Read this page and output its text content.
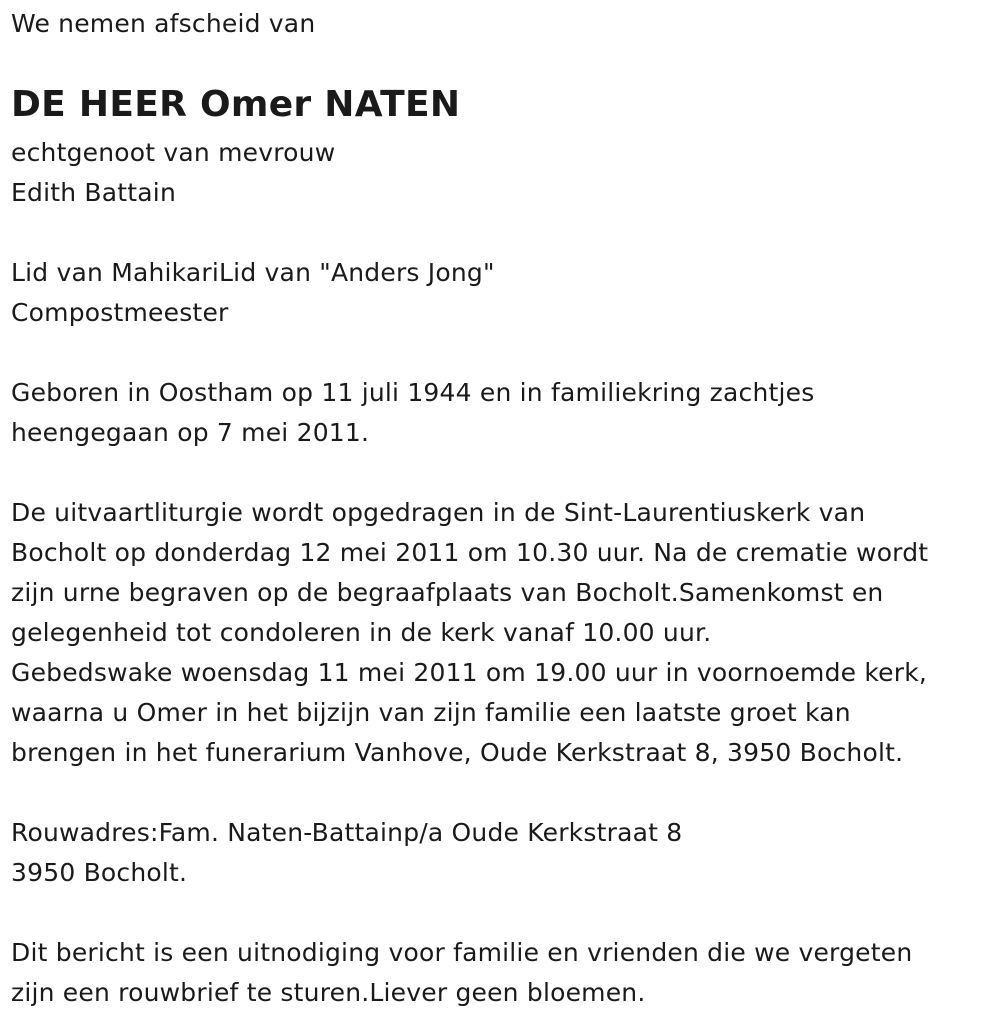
We nemen afscheid van
DE HEER Omer NATEN
echtgenoot van mevrouw
Edith Battain
Lid van MahikariLid van "Anders Jong"
Compostmeester
Geboren in Oostham op 11 juli 1944 en in familiekring zachtjes
heengegaan op 7 mei 2011.
De uitvaartliturgie wordt opgedragen in de Sint-Laurentiuskerk van
Bocholt op donderdag 12 mei 2011 om 10.30 uur. Na de crematie wordt
zijn urne begraven op de begraafplaats van Bocholt.Samenkomst en
gelegenheid tot condoleren in de kerk vanaf 10.00 uur.
Gebedswake woensdag 11 mei 2011 om 19.00 uur in voornoemde kerk,
waarna u Omer in het bijzijn van zijn familie een laatste groet kan
brengen in het funerarium Vanhove, Oude Kerkstraat 8, 3950 Bocholt.
Rouwadres:Fam. Naten-Battainp/a Oude Kerkstraat 8
3950 Bocholt.
Dit bericht is een uitnodiging voor familie en vrienden die we vergeten
zijn een rouwbrief te sturen.Liever geen bloemen.
